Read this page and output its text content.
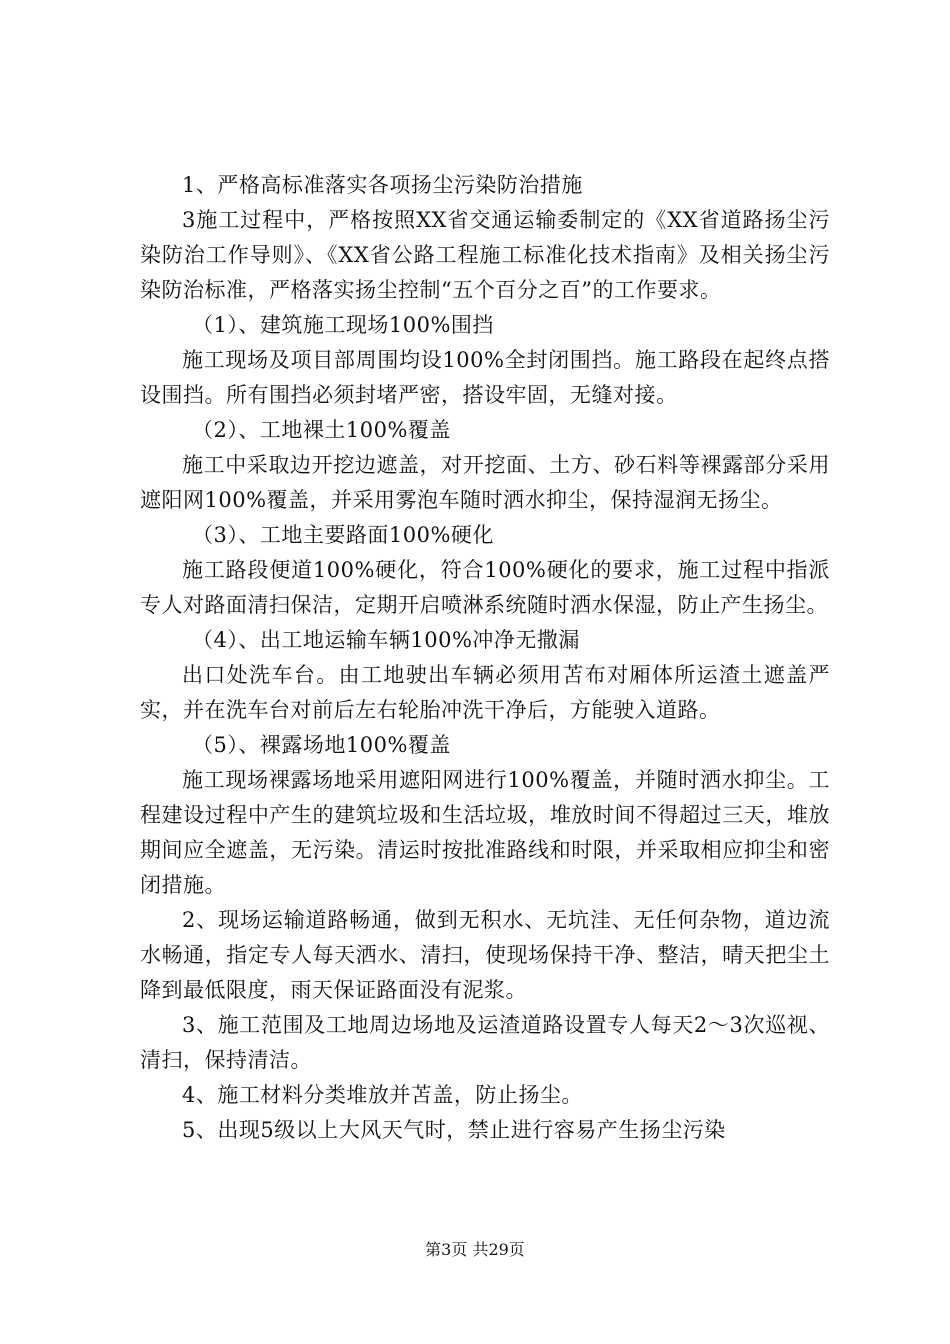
1、严格高标准落实各项扬尘污染防治措施

3施工过程中，严格按照XX省交通运输委制定的《XX省道路扬尘污染防治工作导则》、《XX省公路工程施工标准化技术指南》及相关扬尘污染防治标准，严格落实扬尘控制“五个百分之百”的工作要求。

（1）、建筑施工现场100%围挡

施工现场及项目部周围均设100%全封闭围挡。施工路段在起终点搭设围挡。所有围挡必须封堵严密，搭设牢固，无缝对接。

（2）、工地裸土100%覆盖

施工中采取边开挖边遮盖，对开挖面、土方、砂石料等裸露部分采用遮阳网100%覆盖，并采用雾泡车随时洒水抑尘，保持湿润无扬尘。

（3）、工地主要路面100%硬化

施工路段便道100%硬化，符合100%硬化的要求，施工过程中指派专人对路面清扫保洁，定期开启喷淋系统随时洒水保湿，防止产生扬尘。

（4）、出工地运输车辆100%冲净无撒漏

出口处洗车台。由工地驶出车辆必须用苫布对厢体所运渣土遮盖严实，并在洗车台对前后左右轮胎冲洗干净后，方能驶入道路。

（5）、裸露场地100%覆盖

施工现场裸露场地采用遮阳网进行100%覆盖，并随时洒水抑尘。工程建设过程中产生的建筑垃圾和生活垃圾，堆放时间不得超过三天，堆放期间应全遮盖，无污染。清运时按批准路线和时限，并采取相应抑尘和密闭措施。

2、现场运输道路畅通，做到无积水、无坑洼、无任何杂物，道边流水畅通，指定专人每天洒水、清扫，使现场保持干净、整洁，晴天把尘土降到最低限度，雨天保证路面没有泥浆。

3、施工范围及工地周边场地及运渣道路设置专人每天2～3次巡视、清扫，保持清洁。

4、施工材料分类堆放并苫盖，防止扬尘。

5、出现5级以上大风天气时，禁止进行容易产生扬尘污染

第3页 共29页
